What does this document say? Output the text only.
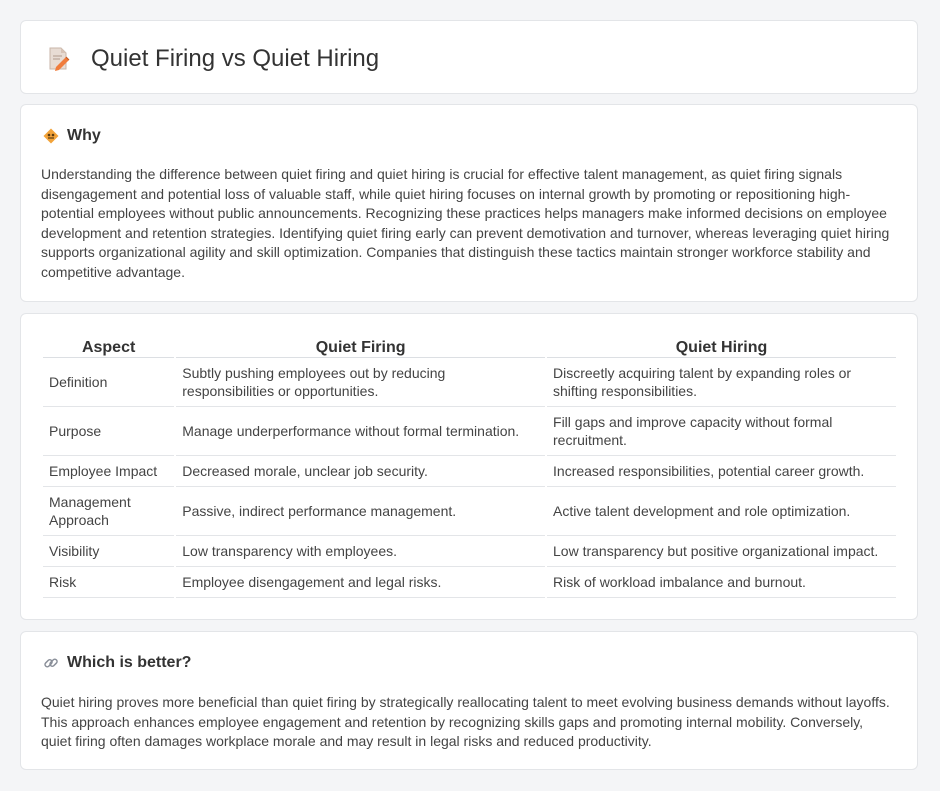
Quiet Firing vs Quiet Hiring
Why

Understanding the difference between quiet firing and quiet hiring is crucial for effective talent management, as quiet firing signals disengagement and potential loss of valuable staff, while quiet hiring focuses on internal growth by promoting or repositioning high-potential employees without public announcements. Recognizing these practices helps managers make informed decisions on employee development and retention strategies. Identifying quiet firing early can prevent demotivation and turnover, whereas leveraging quiet hiring supports organizational agility and skill optimization. Companies that distinguish these tactics maintain stronger workforce stability and competitive advantage.

Aspect	Quiet Firing	Quiet Hiring
Definition	Subtly pushing employees out by reducing responsibilities or opportunities.	Discreetly acquiring talent by expanding roles or shifting responsibilities.
Purpose	Manage underperformance without formal termination.	Fill gaps and improve capacity without formal recruitment.
Employee Impact	Decreased morale, unclear job security.	Increased responsibilities, potential career growth.
Management Approach	Passive, indirect performance management.	Active talent development and role optimization.
Visibility	Low transparency with employees.	Low transparency but positive organizational impact.
Risk	Employee disengagement and legal risks.	Risk of workload imbalance and burnout.
Which is better?

Quiet hiring proves more beneficial than quiet firing by strategically reallocating talent to meet evolving business demands without layoffs. This approach enhances employee engagement and retention by recognizing skills gaps and promoting internal mobility. Conversely, quiet firing often damages workplace morale and may result in legal risks and reduced productivity.
